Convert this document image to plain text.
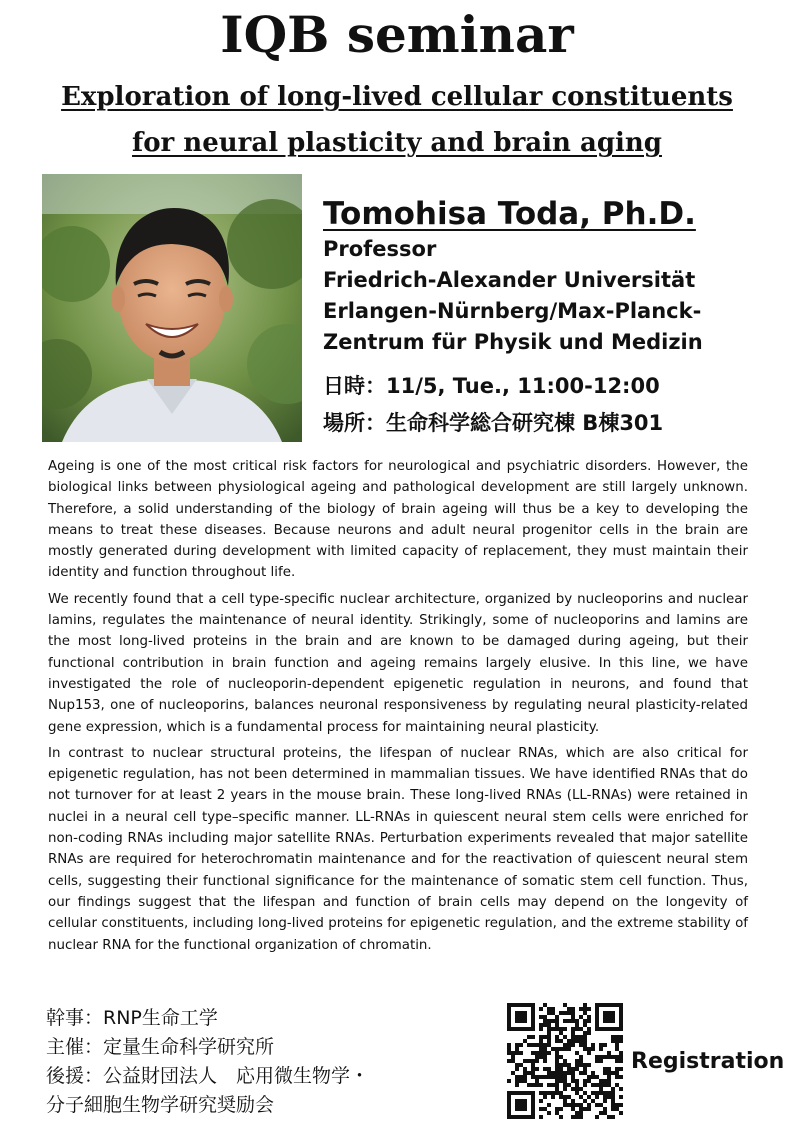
IQB seminar
Exploration of long-lived cellular constituents
for neural plasticity and brain aging
Tomohisa Toda, Ph.D.
Professor
Friedrich-Alexander Universität
Erlangen-Nürnberg/Max-Planck-
Zentrum für Physik und Medizin
日時：11/5, Tue., 11:00-12:00
場所：生命科学総合研究棟 B棟301

Ageing is one of the most critical risk factors for neurological and psychiatric disorders. However, the biological links between physiological ageing and pathological development are still largely unknown. Therefore, a solid understanding of the biology of brain ageing will thus be a key to developing the means to treat these diseases. Because neurons and adult neural progenitor cells in the brain are mostly generated during development with limited capacity of replacement, they must maintain their identity and function throughout life.

We recently found that a cell type-specific nuclear architecture, organized by nucleoporins and nuclear lamins, regulates the maintenance of neural identity. Strikingly, some of nucleoporins and lamins are the most long-lived proteins in the brain and are known to be damaged during ageing, but their functional contribution in brain function and ageing remains largely elusive. In this line, we have investigated the role of nucleoporin-dependent epigenetic regulation in neurons, and found that Nup153, one of nucleoporins, balances neuronal responsiveness by regulating neural plasticity-related gene expression, which is a fundamental process for maintaining neural plasticity.

In contrast to nuclear structural proteins, the lifespan of nuclear RNAs, which are also critical for epigenetic regulation, has not been determined in mammalian tissues. We have identified RNAs that do not turnover for at least 2 years in the mouse brain. These long-lived RNAs (LL-RNAs) were retained in nuclei in a neural cell type–specific manner. LL-RNAs in quiescent neural stem cells were enriched for non-coding RNAs including major satellite RNAs. Perturbation experiments revealed that major satellite RNAs are required for heterochromatin maintenance and for the reactivation of quiescent neural stem cells, suggesting their functional significance for the maintenance of somatic stem cell function. Thus, our findings suggest that the lifespan and function of brain cells may depend on the longevity of cellular constituents, including long-lived proteins for epigenetic regulation, and the extreme stability of nuclear RNA for the functional organization of chromatin.

幹事：RNP生命工学
主催：定量生命科学研究所
後援：公益財団法人　応用微生物学・
分子細胞生物学研究奨励会
Registration
